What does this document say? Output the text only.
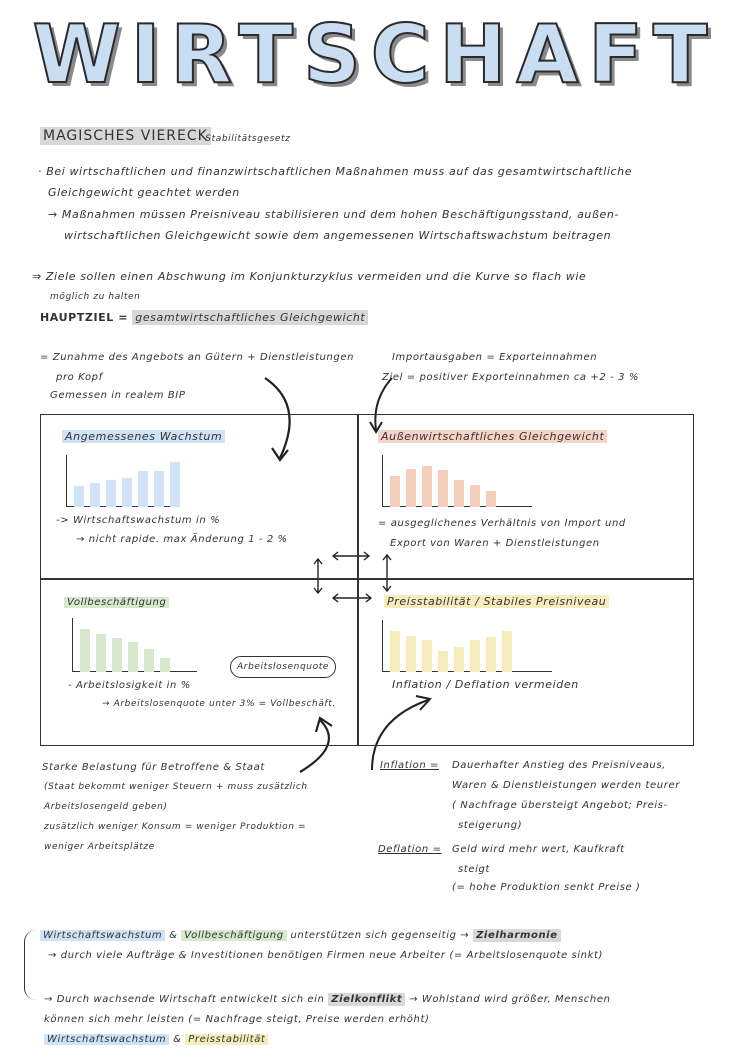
WIRTSCHAFT
MAGISCHES VIERECK
- Stabilitätsgesetz
· Bei wirtschaftlichen und finanzwirtschaftlichen Maßnahmen muss auf das gesamtwirtschaftliche
Gleichgewicht geachtet werden
→ Maßnahmen müssen Preisniveau stabilisieren und dem hohen Beschäftigungsstand, außen-
wirtschaftlichen Gleichgewicht sowie dem angemessenen Wirtschaftswachstum beitragen
⇒ Ziele sollen einen Abschwung im Konjunkturzyklus vermeiden und die Kurve so flach wie
möglich zu halten
HAUPTZIEL = gesamtwirtschaftliches Gleichgewicht
= Zunahme des Angebots an Gütern + Dienstleistungen
pro Kopf
Gemessen in realem BIP
Importausgaben = Exporteinnahmen
Ziel = positiver Exporteinnahmen ca +2 - 3 %
Angemessenes Wachstum
-> Wirtschaftswachstum in %
→ nicht rapide. max Änderung 1 - 2 %
Außenwirtschaftliches Gleichgewicht
= ausgeglichenes Verhältnis von Import und
Export von Waren + Dienstleistungen
Vollbeschäftigung
Arbeitslosenquote
- Arbeitslosigkeit in %
→ Arbeitslosenquote unter 3% = Vollbeschäft.
Preisstabilität / Stabiles Preisniveau
Inflation / Deflation vermeiden
Starke Belastung für Betroffene & Staat
(Staat bekommt weniger Steuern + muss zusätzlich
Arbeitslosengeld geben)
zusätzlich weniger Konsum = weniger Produktion =
weniger Arbeitsplätze
Inflation = Dauerhafter Anstieg des Preisniveaus,
Waren & Dienstleistungen werden teurer
( Nachfrage übersteigt Angebot; Preis-
steigerung)
Deflation = Geld wird mehr wert, Kaufkraft
steigt
(= hohe Produktion senkt Preise )
Wirtschaftswachstum & Vollbeschäftigung unterstützen sich gegenseitig → Zielharmonie
→ durch viele Aufträge & Investitionen benötigen Firmen neue Arbeiter (= Arbeitslosenquote sinkt)
→ Durch wachsende Wirtschaft entwickelt sich ein Zielkonflikt → Wohlstand wird größer, Menschen
können sich mehr leisten (= Nachfrage steigt, Preise werden erhöht)
Wirtschaftswachstum & Preisstabilität
